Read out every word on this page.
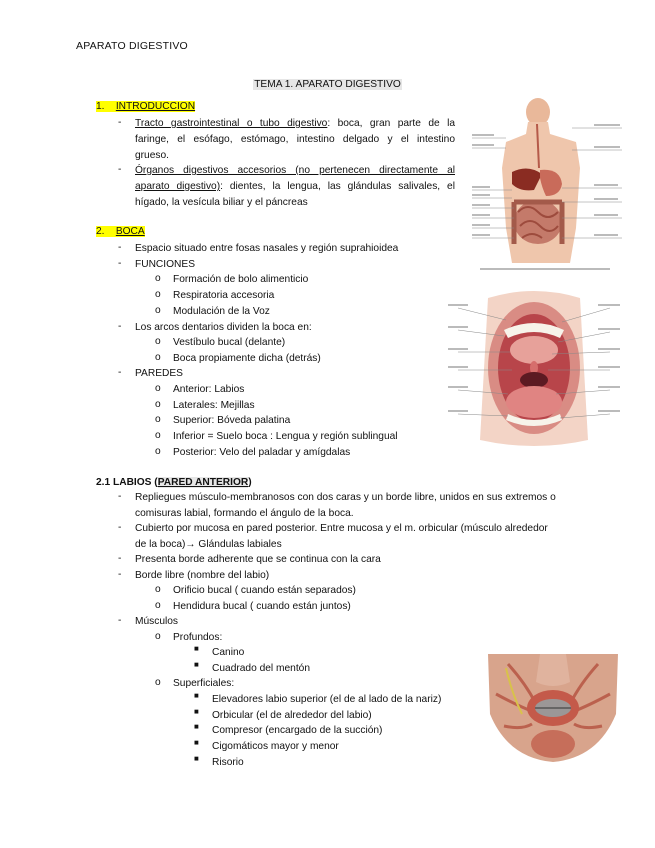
APARATO DIGESTIVO
TEMA 1. APARATO DIGESTIVO
1. INTRODUCCION
- Tracto gastrointestinal o tubo digestivo: boca, gran parte de la
faringe, el esófago, estómago, intestino delgado y el intestino
grueso.
- Órganos digestivos accesorios (no pertenecen directamente al
aparato digestivo): dientes, la lengua, las glándulas salivales, el
hígado, la vesícula biliar y el páncreas
2. BOCA
- Espacio situado entre fosas nasales y región suprahioidea
- FUNCIONES
o Formación de bolo alimenticio
o Respiratoria accesoria
o Modulación de la Voz
- Los arcos dentarios dividen la boca en:
o Vestíbulo bucal (delante)
o Boca propiamente dicha (detrás)
- PAREDES
o Anterior: Labios
o Laterales: Mejillas
o Superior: Bóveda palatina
o Inferior = Suelo boca : Lengua y región sublingual
o Posterior: Velo del paladar y amígdalas
2.1 LABIOS (PARED ANTERIOR)
- Repliegues músculo-membranosos con dos caras y un borde libre, unidos en sus extremos o
comisuras labial, formando el ángulo de la boca.
- Cubierto por mucosa en pared posterior. Entre mucosa y el m. orbicular (músculo alrededor
de la boca)→ Glándulas labiales
- Presenta borde adherente que se continua con la cara
- Borde libre (nombre del labio)
o Orificio bucal ( cuando están separados)
o Hendidura bucal ( cuando están juntos)
- Músculos
o Profundos:
■ Canino
■ Cuadrado del mentón
o Superficiales:
■ Elevadores labio superior (el de al lado de la nariz)
■ Orbicular (el de alrededor del labio)
■ Compresor (encargado de la succión)
■ Cigomáticos mayor y menor
■ Risorio
